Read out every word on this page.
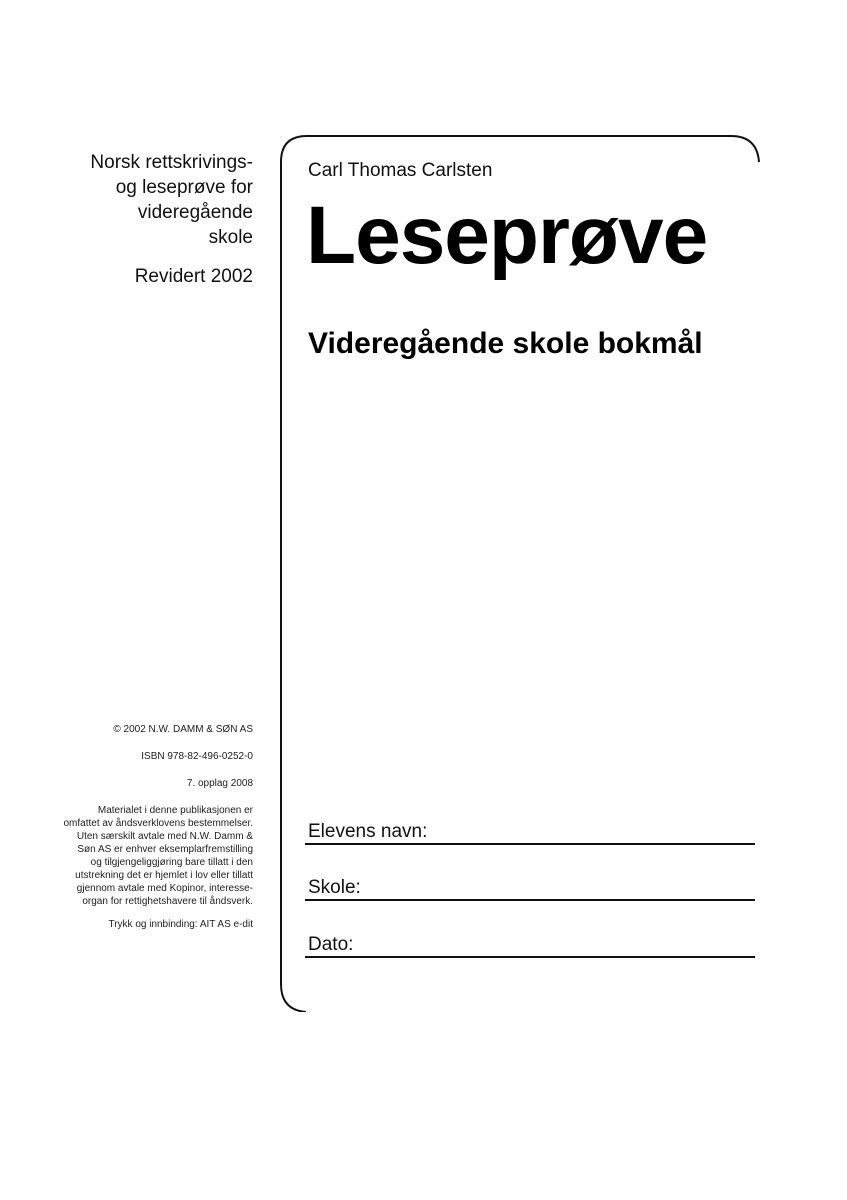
Norsk rettskrivings-
og leseprøve for
videregående
skole

Revidert 2002
© 2002 N.W. DAMM & SØN AS
ISBN 978-82-496-0252-0
7. opplag 2008
Materialet i denne publikasjonen er
omfattet av åndsverklovens bestemmelser.
Uten særskilt avtale med N.W. Damm &
Søn AS er enhver eksemplarfremstilling
og tilgjengeliggjøring bare tillatt i den
utstrekning det er hjemlet i lov eller tillatt
gjennom avtale med Kopinor, interesse-
organ for rettighetshavere til åndsverk.
Trykk og innbinding: AIT AS e-dit
Carl Thomas Carlsten
Leseprøve
Videregående skole bokmål
Elevens navn:
Skole:
Dato:
